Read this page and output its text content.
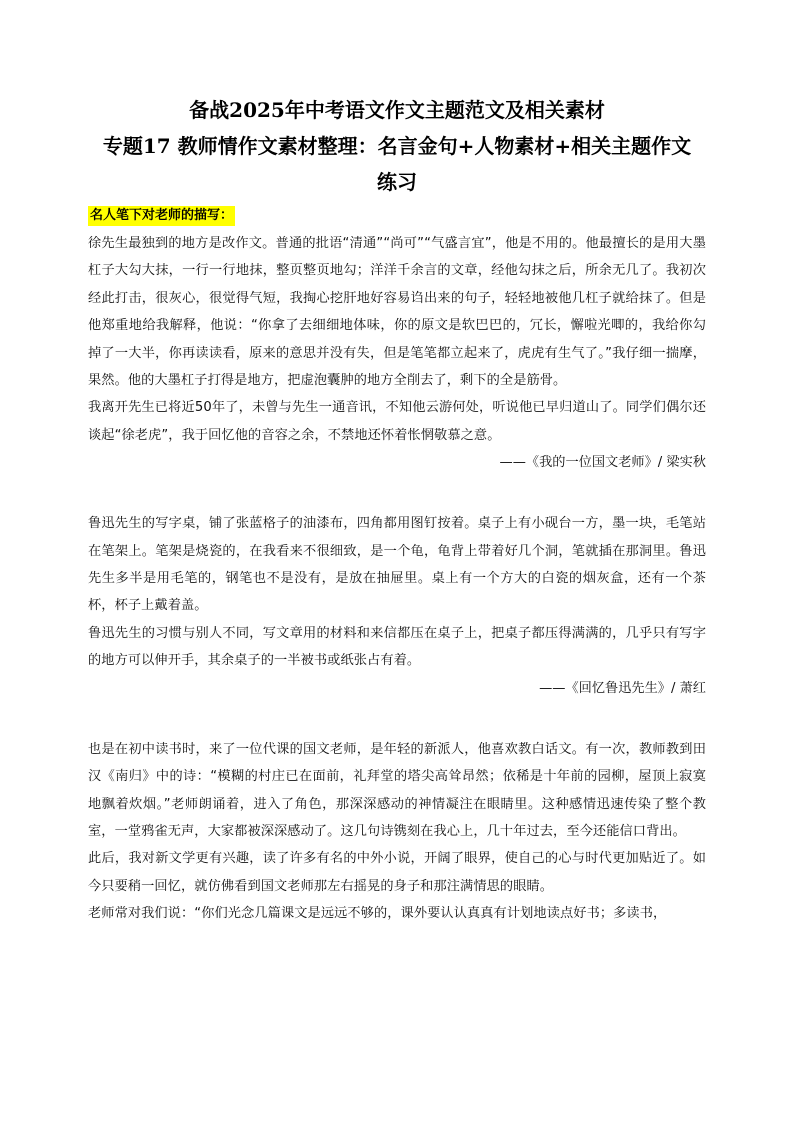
备战2025年中考语文作文主题范文及相关素材
专题17 教师情作文素材整理：名言金句+人物素材+相关主题作文
练习
名人笔下对老师的描写：

徐先生最独到的地方是改作文。普通的批语“清通”“尚可”“气盛言宜”，他是不用的。他最擅长的是用大墨杠子大勾大抹，一行一行地抹，整页整页地勾；洋洋千余言的文章，经他勾抹之后，所余无几了。我初次经此打击，很灰心，很觉得气短，我掏心挖肝地好容易诌出来的句子，轻轻地被他几杠子就给抹了。但是他郑重地给我解释，他说：“你拿了去细细地体味，你的原文是软巴巴的，冗长，懈啦光唧的，我给你勾掉了一大半，你再读读看，原来的意思并没有失，但是笔笔都立起来了，虎虎有生气了。”我仔细一揣摩，果然。他的大墨杠子打得是地方，把虚泡囊肿的地方全削去了，剩下的全是筋骨。

我离开先生已将近50年了，未曾与先生一通音讯，不知他云游何处，听说他已早归道山了。同学们偶尔还谈起“徐老虎”，我于回忆他的音容之余，不禁地还怀着怅惘敬慕之意。

——《我的一位国文老师》/ 梁实秋

鲁迅先生的写字桌，铺了张蓝格子的油漆布，四角都用图钉按着。桌子上有小砚台一方，墨一块，毛笔站在笔架上。笔架是烧瓷的，在我看来不很细致，是一个龟，龟背上带着好几个洞，笔就插在那洞里。鲁迅先生多半是用毛笔的，钢笔也不是没有，是放在抽屉里。桌上有一个方大的白瓷的烟灰盒，还有一个茶杯，杯子上戴着盖。

鲁迅先生的习惯与别人不同，写文章用的材料和来信都压在桌子上，把桌子都压得满满的，几乎只有写字的地方可以伸开手，其余桌子的一半被书或纸张占有着。

——《回忆鲁迅先生》/ 萧红

也是在初中读书时，来了一位代课的国文老师，是年轻的新派人，他喜欢教白话文。有一次，教师教到田汉《南归》中的诗：“模糊的村庄已在面前，礼拜堂的塔尖高耸昂然；依稀是十年前的园柳，屋顶上寂寞地飘着炊烟。”老师朗诵着，进入了角色，那深深感动的神情凝注在眼睛里。这种感情迅速传染了整个教室，一堂鸦雀无声，大家都被深深感动了。这几句诗镌刻在我心上，几十年过去，至今还能信口背出。

此后，我对新文学更有兴趣，读了许多有名的中外小说，开阔了眼界，使自己的心与时代更加贴近了。如今只要稍一回忆，就仿佛看到国文老师那左右摇晃的身子和那注满情思的眼睛。

老师常对我们说：“你们光念几篇课文是远远不够的，课外要认认真真有计划地读点好书；多读书，
